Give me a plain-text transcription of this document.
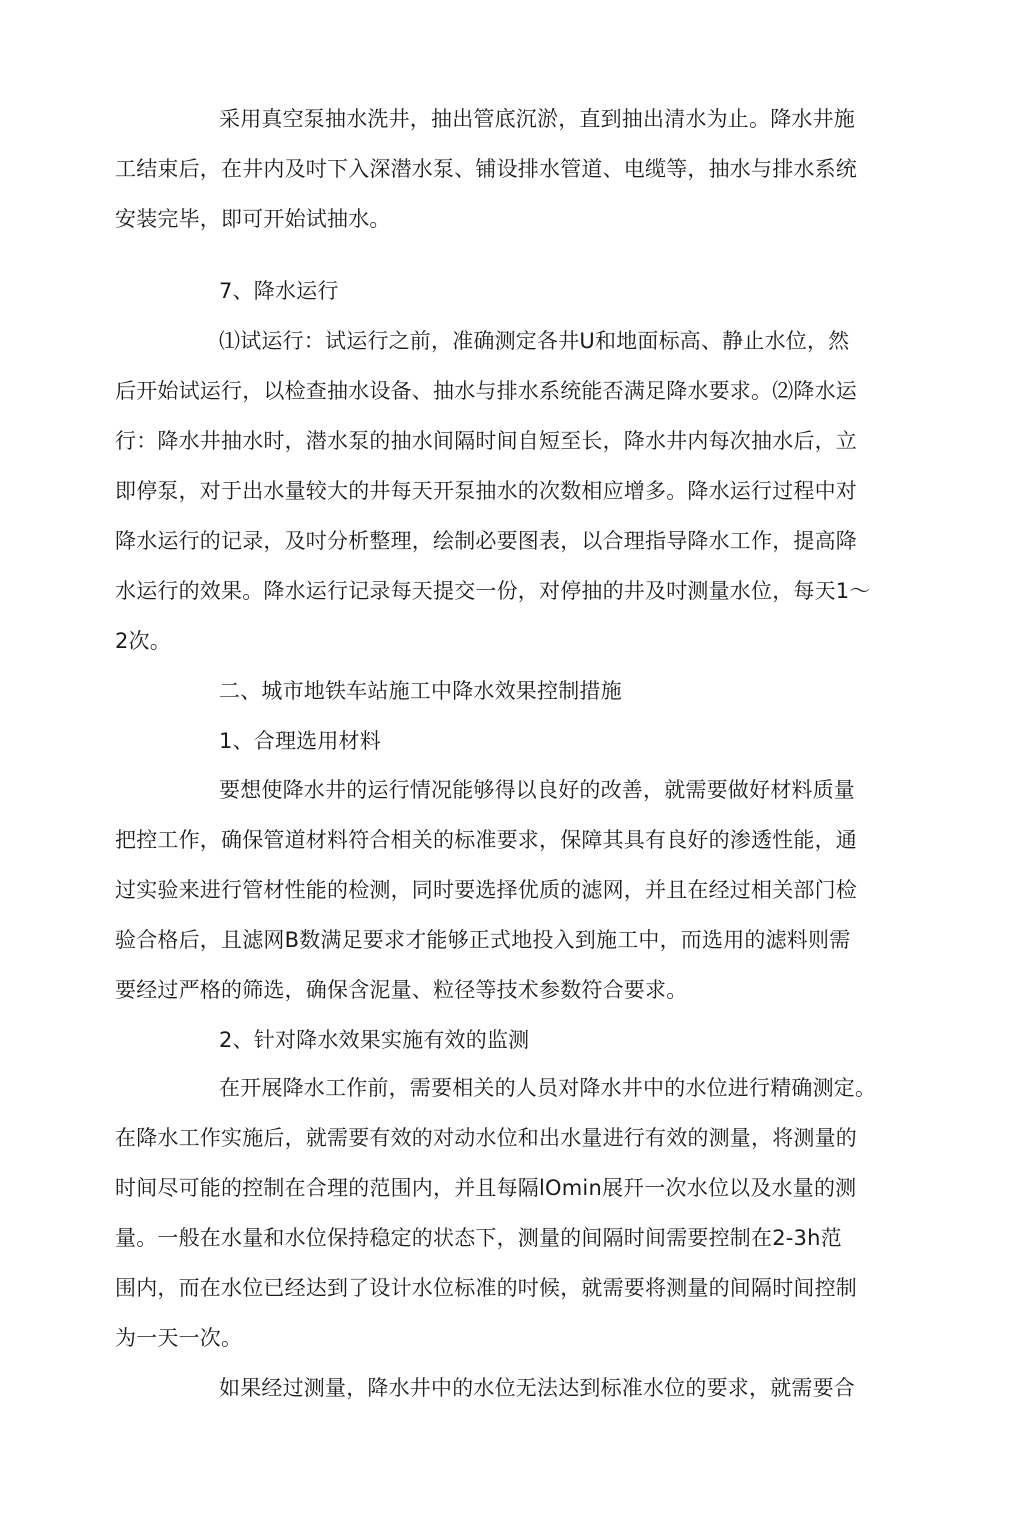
采用真空泵抽水洗井，抽出管底沉淤，直到抽出清水为止。降水井施
工结束后，在井内及吋下入深潜水泵、铺设排水管道、电缆等，抽水与排水系统
安装完毕，即可开始试抽水。
7、降水运行
⑴试运行：试运行之前，准确测定各井U和地面标高、静止水位，然
后开始试运行，以检查抽水设备、抽水与排水系统能否满足降水要求。⑵降水运
行：降水井抽水时，潜水泵的抽水间隔时间自短至长，降水井内每次抽水后，立
即停泵，对于出水量较大的井每天开泵抽水的次数相应增多。降水运行过程中对
降水运行的记录，及吋分析整理，绘制必要图表，以合理指导降水工作，提高降
水运行的效果。降水运行记录每天提交一份，对停抽的井及吋测量水位，每天1〜
2次。
二、城市地铁车站施工中降水效果控制措施
1、合理选用材料
要想使降水井的运行情况能够得以良好的改善，就需要做好材料质量
把控工作，确保管道材料符合相关的标准要求，保障其具有良好的渗透性能，通
过实验来进行管材性能的检测，同时要选择优质的滤网，并且在经过相关部门检
验合格后，且滤网B数满足要求才能够正式地投入到施工中，而选用的滤料则需
要经过严格的筛选，确保含泥量、粒径等技术参数符合要求。
2、针对降水效果实施有效的监测
在开展降水工作前，需要相关的人员对降水井中的水位进行精确测定。
在降水工作实施后，就需要有效的对动水位和出水量进行有效的测量，将测量的
时间尽可能的控制在合理的范围内，并且每隔lOmin展幵一次水位以及水量的测
量。一般在水量和水位保持稳定的状态下，测量的间隔时间需要控制在2-3h范
围内，而在水位已经达到了设计水位标准的吋候，就需要将测量的间隔时间控制
为一天一次。
如果经过测量，降水井中的水位无法达到标准水位的要求，就需要合
